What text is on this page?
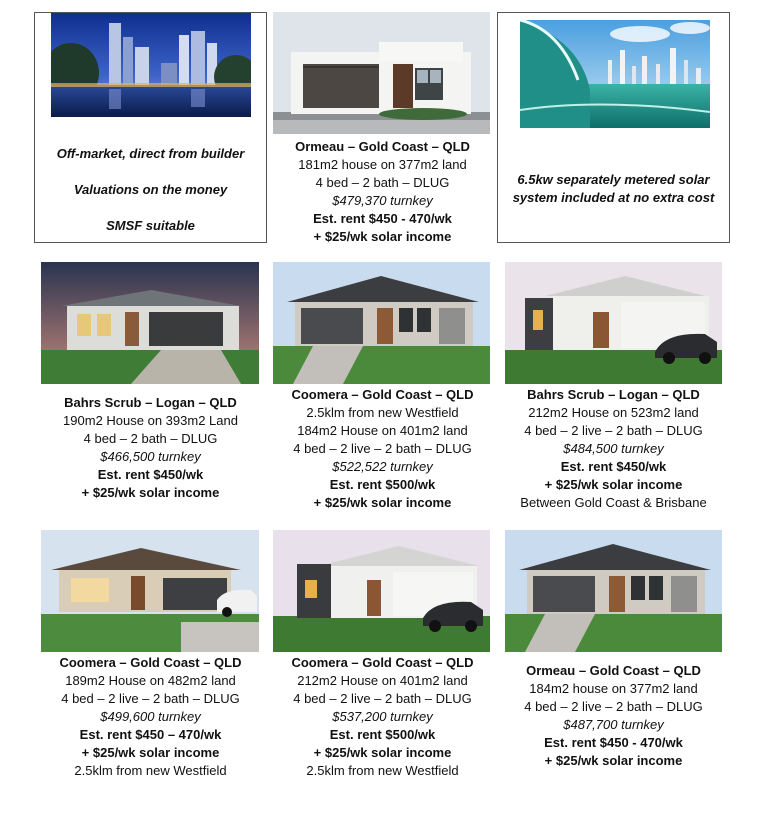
Off-market, direct from builder
Valuations on the money
SMSF suitable
Ormeau – Gold Coast – QLD
181m2 house on 377m2 land
4 bed – 2 bath – DLUG
$479,370 turnkey
Est. rent $450 - 470/wk
+ $25/wk solar income
6.5kw separately metered solar
system included at no extra cost
Bahrs Scrub – Logan – QLD
190m2 House on 393m2 Land
4 bed – 2 bath – DLUG
$466,500 turnkey
Est. rent $450/wk
+ $25/wk solar income
Coomera – Gold Coast – QLD
2.5klm from new Westfield
184m2 House on 401m2 land
4 bed – 2 live – 2 bath – DLUG
$522,522 turnkey
Est. rent $500/wk
+ $25/wk solar income
Bahrs Scrub – Logan – QLD
212m2 House on 523m2 land
4 bed – 2 live – 2 bath – DLUG
$484,500 turnkey
Est. rent $450/wk
+ $25/wk solar income
Between Gold Coast & Brisbane
Coomera – Gold Coast – QLD
189m2 House on 482m2 land
4 bed – 2 live – 2 bath – DLUG
$499,600 turnkey
Est. rent $450 – 470/wk
+ $25/wk solar income
2.5klm from new Westfield
Coomera – Gold Coast – QLD
212m2 House on 401m2 land
4 bed – 2 live – 2 bath – DLUG
$537,200 turnkey
Est. rent $500/wk
+ $25/wk solar income
2.5klm from new Westfield
Ormeau – Gold Coast – QLD
184m2 house on 377m2 land
4 bed – 2 live – 2 bath – DLUG
$487,700 turnkey
Est. rent $450 - 470/wk
+ $25/wk solar income
